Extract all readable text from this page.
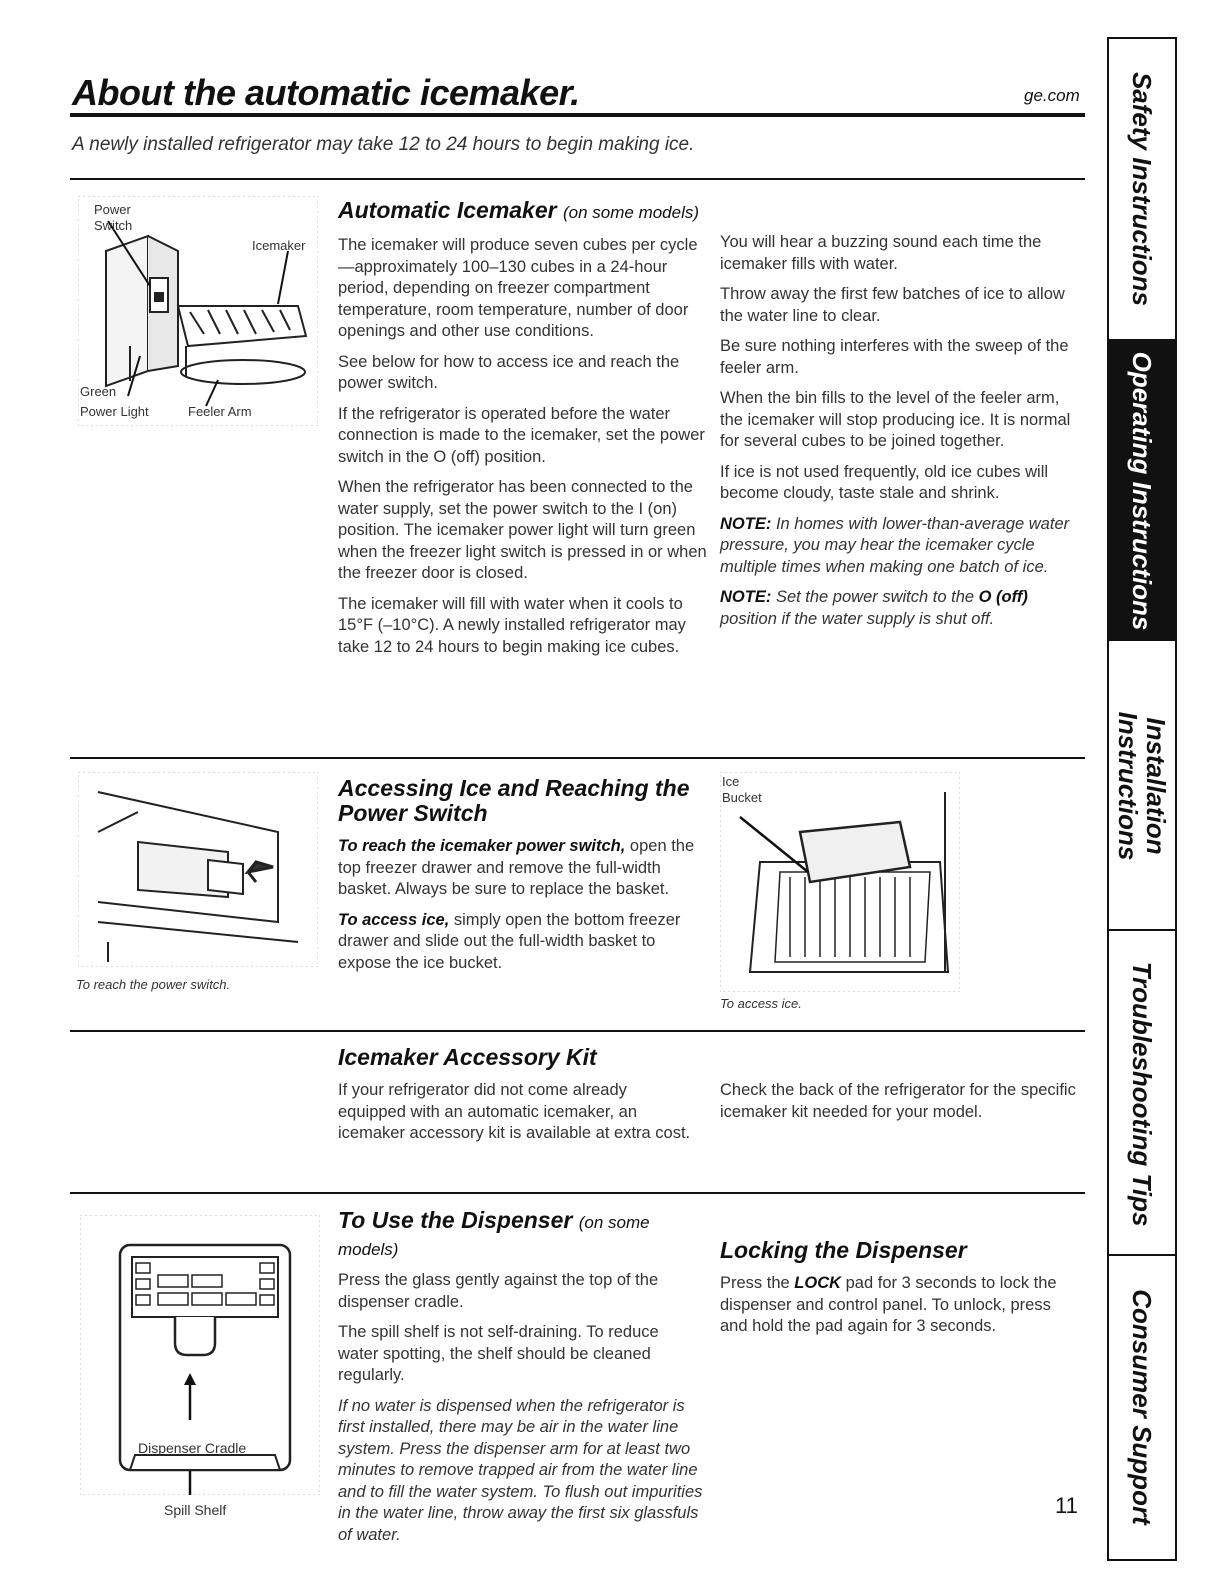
About the automatic icemaker.	ge.com
A newly installed refrigerator may take 12 to 24 hours to begin making ice.
Power
Switch
Icemaker
Green
Power Light	Feeler Arm
Automatic Icemaker (on some models)

The icemaker will produce seven cubes per cycle—approximately 100–130 cubes in a 24-hour period, depending on freezer compartment temperature, room temperature, number of door openings and other use conditions.

See below for how to access ice and reach the power switch.

If the refrigerator is operated before the water connection is made to the icemaker, set the power switch in the O (off) position.

When the refrigerator has been connected to the water supply, set the power switch to the I (on) position. The icemaker power light will turn green when the freezer light switch is pressed in or when the freezer door is closed.

The icemaker will fill with water when it cools to 15°F (–10°C). A newly installed refrigerator may take 12 to 24 hours to begin making ice cubes.

You will hear a buzzing sound each time the icemaker fills with water.

Throw away the first few batches of ice to allow the water line to clear.

Be sure nothing interferes with the sweep of the feeler arm.

When the bin fills to the level of the feeler arm, the icemaker will stop producing ice. It is normal for several cubes to be joined together.

If ice is not used frequently, old ice cubes will become cloudy, taste stale and shrink.

NOTE: In homes with lower-than-average water pressure, you may hear the icemaker cycle multiple times when making one batch of ice.

NOTE: Set the power switch to the O (off) position if the water supply is shut off.

To reach the power switch.
Accessing Ice and Reaching the
Power Switch

To reach the icemaker power switch, open the top freezer drawer and remove the full-width basket. Always be sure to replace the basket.

To access ice, simply open the bottom freezer drawer and slide out the full-width basket to expose the ice bucket.

Ice
Bucket
To access ice.
Icemaker Accessory Kit

If your refrigerator did not come already equipped with an automatic icemaker, an icemaker accessory kit is available at extra cost.

Check the back of the refrigerator for the specific icemaker kit needed for your model.

Dispenser Cradle
Spill Shelf
To Use the Dispenser (on some models)

Press the glass gently against the top of the dispenser cradle.

The spill shelf is not self-draining. To reduce water spotting, the shelf should be cleaned regularly.

If no water is dispensed when the refrigerator is first installed, there may be air in the water line system. Press the dispenser arm for at least two minutes to remove trapped air from the water line and to fill the water system. To flush out impurities in the water line, throw away the first six glassfuls of water.

Locking the Dispenser

Press the LOCK pad for 3 seconds to lock the dispenser and control panel. To unlock, press and hold the pad again for 3 seconds.

11
Safety Instructions
Operating Instructions
Installation Instructions
Troubleshooting Tips
Consumer Support
